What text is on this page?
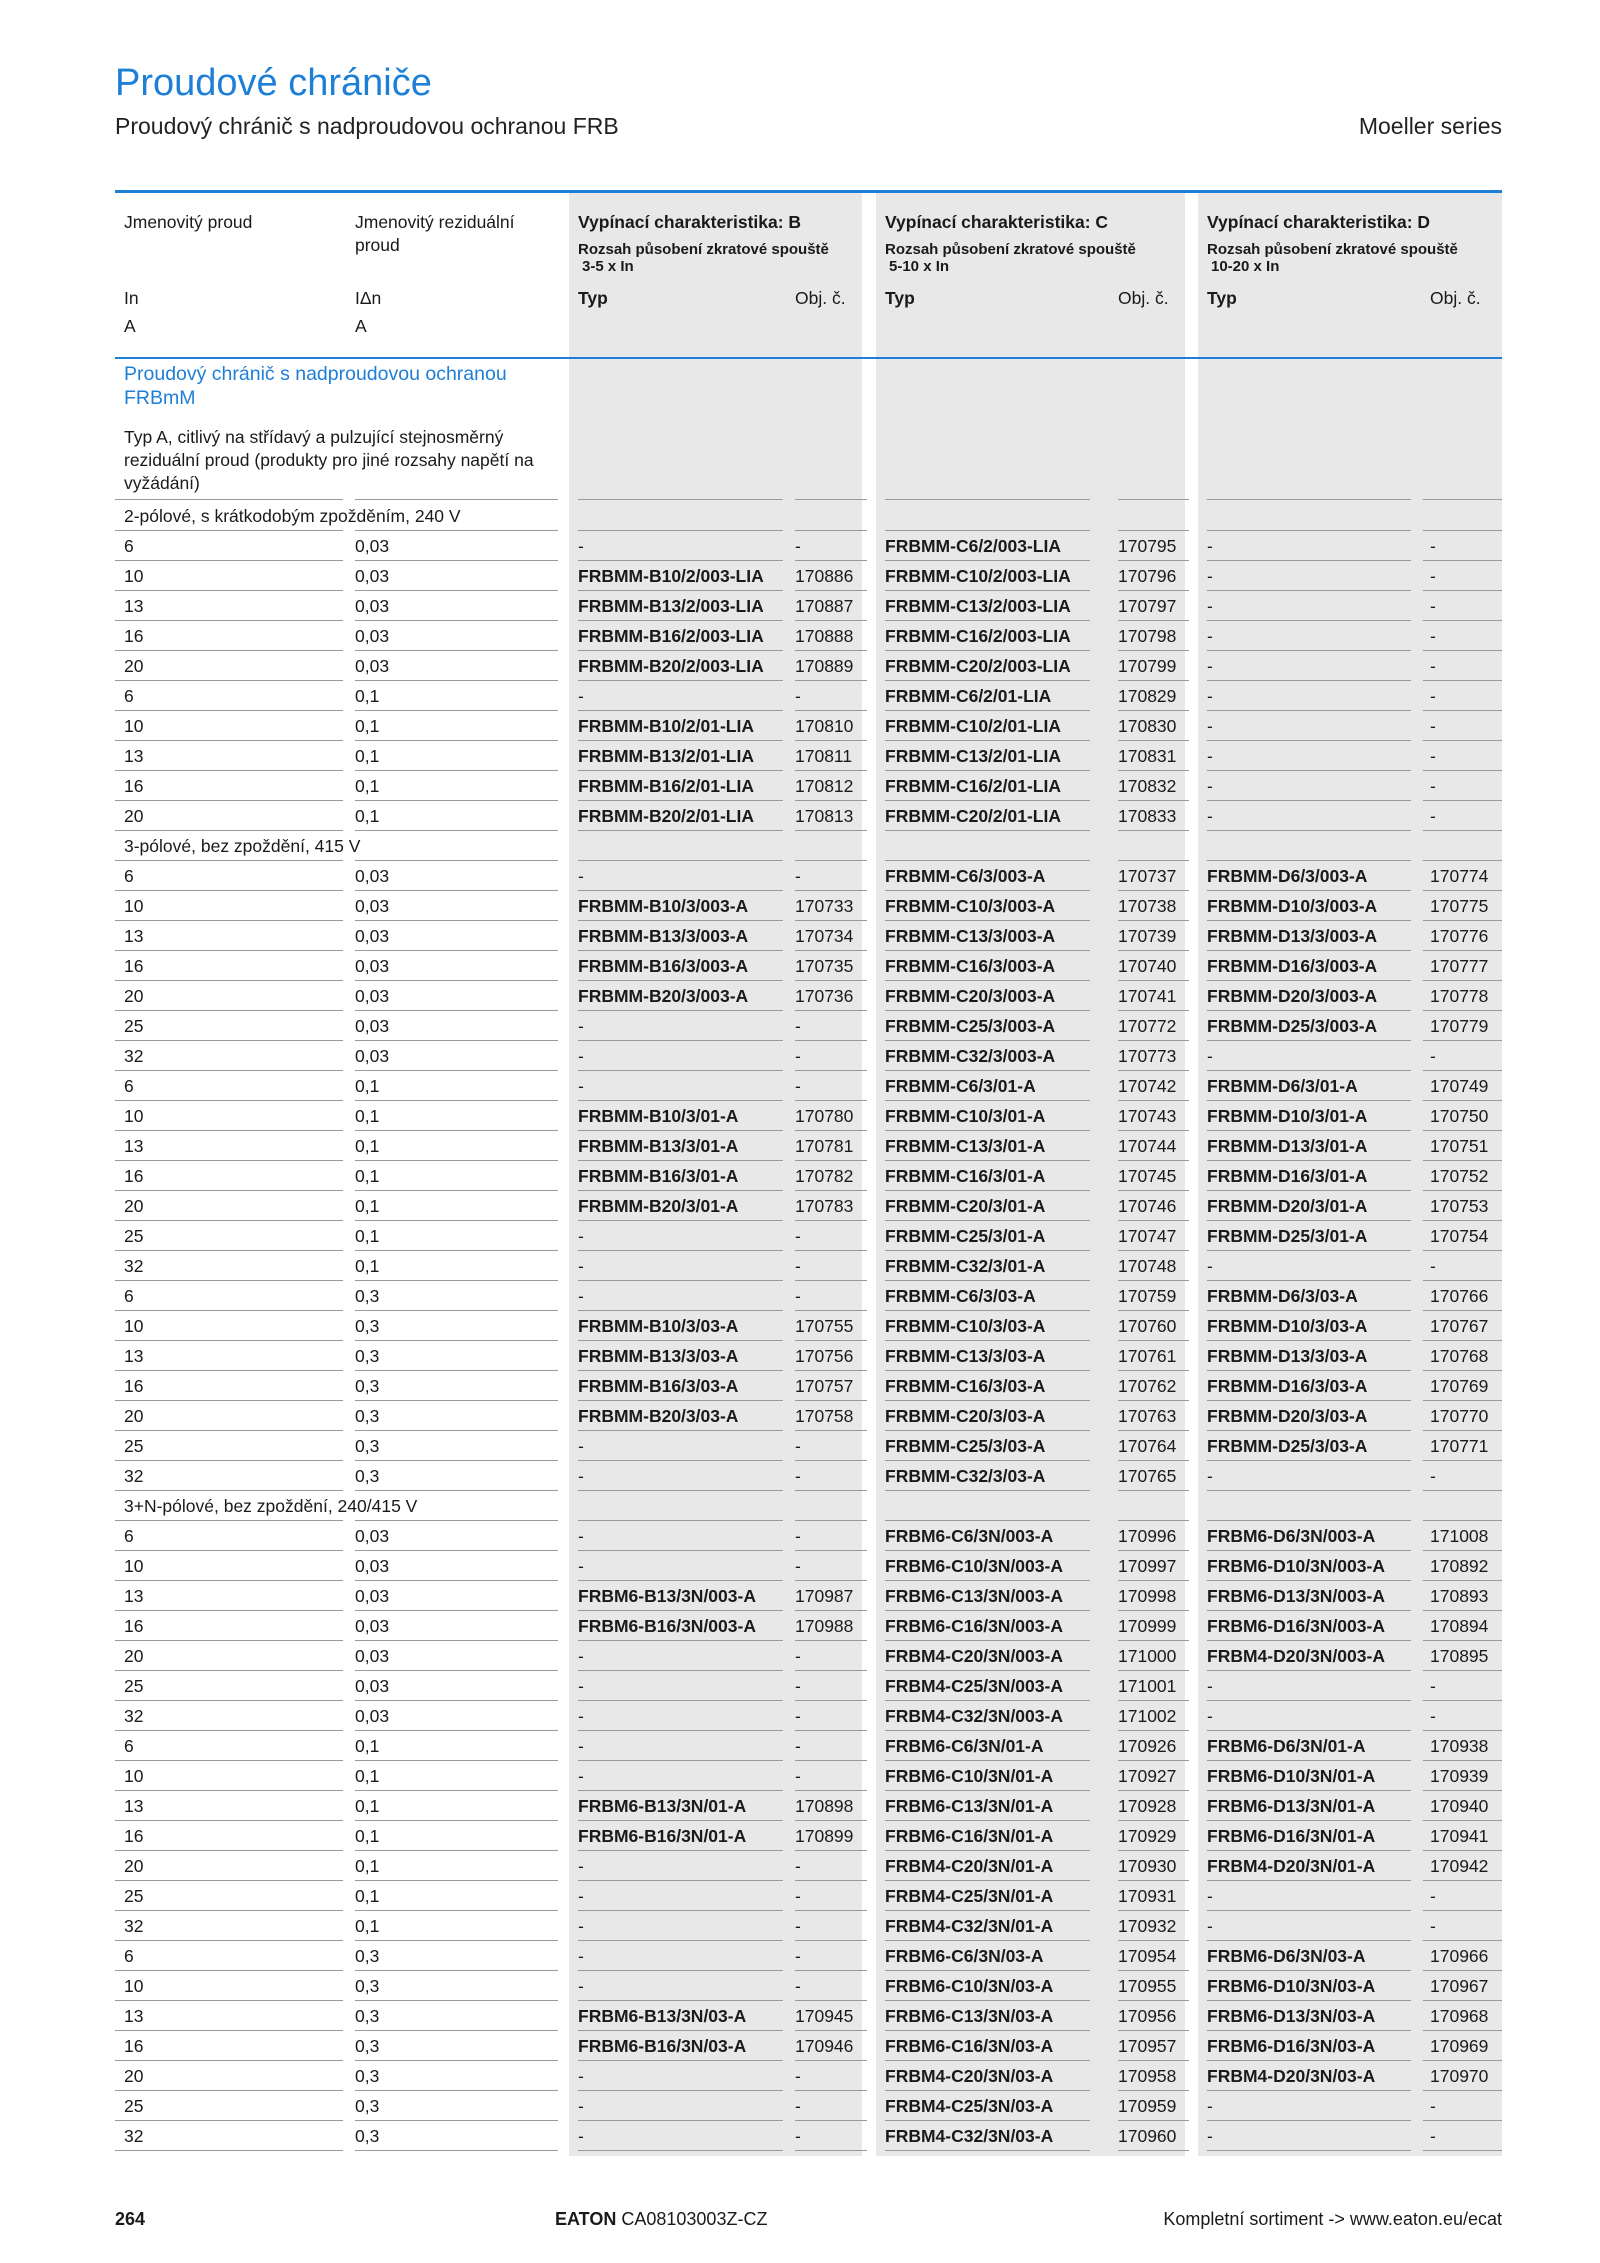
Proudové chrániče
Proudový chránič s nadproudovou ochranou FRB	Moeller series
Jmenovitý proud	Jmenovitý reziduální proud
In	IΔn
A	A
Vypínací charakteristika: B
Rozsah působení zkratové spouště
3-5 x In
Typ	Obj. č.
Vypínací charakteristika: C
Rozsah působení zkratové spouště
5-10 x In
Typ	Obj. č.
Vypínací charakteristika: D
Rozsah působení zkratové spouště
10-20 x In
Typ	Obj. č.
Proudový chránič s nadproudovou ochranou FRBmM
Typ A, citlivý na střídavý a pulzující stejnosměrný reziduální proud (produkty pro jiné rozsahy napětí na vyžádání)
2-pólové, s krátkodobým zpožděním, 240 V
6	0,03	-	-	FRBMM-C6/2/003-LIA	170795 -	-
10	0,03	FRBMM-B10/2/003-LIA 170886 FRBMM-C10/2/003-LIA	170796 -	-
13	0,03	FRBMM-B13/2/003-LIA 170887 FRBMM-C13/2/003-LIA	170797 -	-
16	0,03	FRBMM-B16/2/003-LIA 170888 FRBMM-C16/2/003-LIA	170798 -	-
20	0,03	FRBMM-B20/2/003-LIA 170889 FRBMM-C20/2/003-LIA	170799 -	-
6	0,1	-	-	FRBMM-C6/2/01-LIA	170829 -	-
10	0,1	FRBMM-B10/2/01-LIA 170810 FRBMM-C10/2/01-LIA	170830 -	-
13	0,1	FRBMM-B13/2/01-LIA 170811 FRBMM-C13/2/01-LIA	170831 -	-
16	0,1	FRBMM-B16/2/01-LIA 170812 FRBMM-C16/2/01-LIA	170832 -	-
20	0,1	FRBMM-B20/2/01-LIA 170813 FRBMM-C20/2/01-LIA	170833 -	-
3-pólové, bez zpoždění, 415 V
6	0,03	-	-	FRBMM-C6/3/003-A	170737 FRBMM-D6/3/003-A	170774
10	0,03	FRBMM-B10/3/003-A	170733 FRBMM-C10/3/003-A	170738 FRBMM-D10/3/003-A	170775
13	0,03	FRBMM-B13/3/003-A	170734 FRBMM-C13/3/003-A	170739 FRBMM-D13/3/003-A	170776
16	0,03	FRBMM-B16/3/003-A	170735 FRBMM-C16/3/003-A	170740 FRBMM-D16/3/003-A	170777
20	0,03	FRBMM-B20/3/003-A	170736 FRBMM-C20/3/003-A	170741 FRBMM-D20/3/003-A	170778
25	0,03	-	-	FRBMM-C25/3/003-A	170772 FRBMM-D25/3/003-A	170779
32	0,03	-	-	FRBMM-C32/3/003-A	170773 -	-
6	0,1	-	-	FRBMM-C6/3/01-A	170742 FRBMM-D6/3/01-A	170749
10	0,1	FRBMM-B10/3/01-A	170780 FRBMM-C10/3/01-A	170743 FRBMM-D10/3/01-A	170750
13	0,1	FRBMM-B13/3/01-A	170781 FRBMM-C13/3/01-A	170744 FRBMM-D13/3/01-A	170751
16	0,1	FRBMM-B16/3/01-A	170782 FRBMM-C16/3/01-A	170745 FRBMM-D16/3/01-A	170752
20	0,1	FRBMM-B20/3/01-A	170783 FRBMM-C20/3/01-A	170746 FRBMM-D20/3/01-A	170753
25	0,1	-	-	FRBMM-C25/3/01-A	170747 FRBMM-D25/3/01-A	170754
32	0,1	-	-	FRBMM-C32/3/01-A	170748 -	-
6	0,3	-	-	FRBMM-C6/3/03-A	170759 FRBMM-D6/3/03-A	170766
10	0,3	FRBMM-B10/3/03-A	170755 FRBMM-C10/3/03-A	170760 FRBMM-D10/3/03-A	170767
13	0,3	FRBMM-B13/3/03-A	170756 FRBMM-C13/3/03-A	170761 FRBMM-D13/3/03-A	170768
16	0,3	FRBMM-B16/3/03-A	170757 FRBMM-C16/3/03-A	170762 FRBMM-D16/3/03-A	170769
20	0,3	FRBMM-B20/3/03-A	170758 FRBMM-C20/3/03-A	170763 FRBMM-D20/3/03-A	170770
25	0,3	-	-	FRBMM-C25/3/03-A	170764 FRBMM-D25/3/03-A	170771
32	0,3	-	-	FRBMM-C32/3/03-A	170765 -	-
3+N-pólové, bez zpoždění, 240/415 V
6	0,03	-	-	FRBM6-C6/3N/003-A	170996 FRBM6-D6/3N/003-A	171008
10	0,03	-	-	FRBM6-C10/3N/003-A	170997 FRBM6-D10/3N/003-A	170892
13	0,03	FRBM6-B13/3N/003-A 170987 FRBM6-C13/3N/003-A	170998 FRBM6-D13/3N/003-A	170893
16	0,03	FRBM6-B16/3N/003-A 170988 FRBM6-C16/3N/003-A	170999 FRBM6-D16/3N/003-A	170894
20	0,03	-	-	FRBM4-C20/3N/003-A	171000 FRBM4-D20/3N/003-A	170895
25	0,03	-	-	FRBM4-C25/3N/003-A	171001 -	-
32	0,03	-	-	FRBM4-C32/3N/003-A	171002 -	-
6	0,1	-	-	FRBM6-C6/3N/01-A	170926 FRBM6-D6/3N/01-A	170938
10	0,1	-	-	FRBM6-C10/3N/01-A	170927 FRBM6-D10/3N/01-A	170939
13	0,1	FRBM6-B13/3N/01-A	170898 FRBM6-C13/3N/01-A	170928 FRBM6-D13/3N/01-A	170940
16	0,1	FRBM6-B16/3N/01-A	170899 FRBM6-C16/3N/01-A	170929 FRBM6-D16/3N/01-A	170941
20	0,1	-	-	FRBM4-C20/3N/01-A	170930 FRBM4-D20/3N/01-A	170942
25	0,1	-	-	FRBM4-C25/3N/01-A	170931 -	-
32	0,1	-	-	FRBM4-C32/3N/01-A	170932 -	-
6	0,3	-	-	FRBM6-C6/3N/03-A	170954 FRBM6-D6/3N/03-A	170966
10	0,3	-	-	FRBM6-C10/3N/03-A	170955 FRBM6-D10/3N/03-A	170967
13	0,3	FRBM6-B13/3N/03-A	170945 FRBM6-C13/3N/03-A	170956 FRBM6-D13/3N/03-A	170968
16	0,3	FRBM6-B16/3N/03-A	170946 FRBM6-C16/3N/03-A	170957 FRBM6-D16/3N/03-A	170969
20	0,3	-	-	FRBM4-C20/3N/03-A	170958 FRBM4-D20/3N/03-A	170970
25	0,3	-	-	FRBM4-C25/3N/03-A	170959 -	-
32	0,3	-	-	FRBM4-C32/3N/03-A	170960 -	-
264	EATON CA08103003Z-CZ	Kompletní sortiment -> www.eaton.eu/ecat
